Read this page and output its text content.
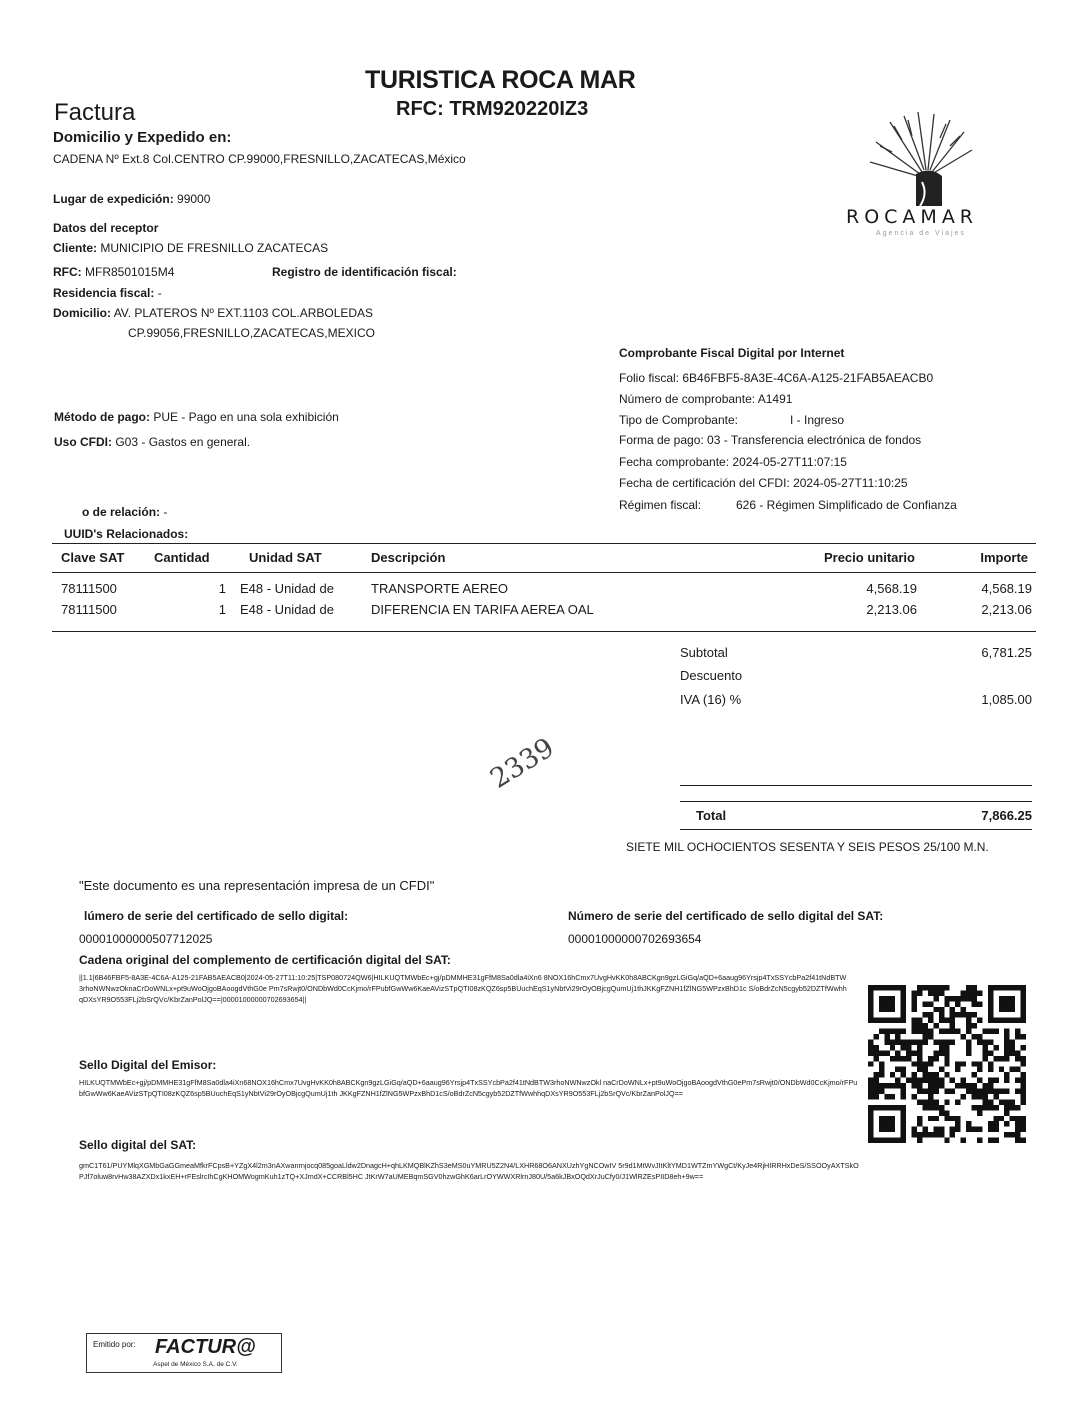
TURISTICA ROCA MAR
RFC: TRM920220IZ3
Factura
Domicilio y Expedido en:
CADENA Nº Ext.8 Col.CENTRO CP.99000,FRESNILLO,ZACATECAS,México
ROCAMAR
Agencia de Viajes
Lugar de expedición: 99000
Datos del receptor
Cliente: MUNICIPIO DE FRESNILLO ZACATECAS
RFC: MFR8501015M4	Registro de identificación fiscal:
Residencia fiscal: -
Domicilio: AV. PLATEROS Nº EXT.1103 COL.ARBOLEDAS
CP.99056,FRESNILLO,ZACATECAS,MEXICO
Comprobante Fiscal Digital por Internet
Folio fiscal: 6B46FBF5-8A3E-4C6A-A125-21FAB5AEACB0
Número de comprobante: A1491
Tipo de Comprobante:	I - Ingreso
Forma de pago: 03 - Transferencia electrónica de fondos
Fecha comprobante: 2024-05-27T11:07:15
Fecha de certificación del CFDI: 2024-05-27T11:10:25
Régimen fiscal:	626 - Régimen Simplificado de Confianza
Método de pago: PUE - Pago en una sola exhibición
Uso CFDI: G03 - Gastos en general.
o de relación: -
UUID's Relacionados:
Clave SAT Cantidad	Unidad SAT	Descripción	Precio unitario	Importe
78111500	1 E48 - Unidad de	TRANSPORTE AEREO	4,568.19	4,568.19
78111500	1 E48 - Unidad de	DIFERENCIA EN TARIFA AEREA OAL	2,213.06	2,213.06
Subtotal	6,781.25
Descuento
IVA (16) %	1,085.00
2339
Total	7,866.25
SIETE MIL OCHOCIENTOS SESENTA Y SEIS PESOS 25/100 M.N.
"Este documento es una representación impresa de un CFDI"
lúmero de serie del certificado de sello digital:
00001000000507712025
Número de serie del certificado de sello digital del SAT:
00001000000702693654
Cadena original del complemento de certificación digital del SAT:
||1.1|6B46FBF5-8A3E-4C6A-A125-21FAB5AEACB0|2024-05-27T11:10:25|TSP080724QW6|HILKUQTMWbEc+gj/pDMMHE31gFfM8Sa0dla4iXn6 8NOX16hCmx7UvgHvKK0h8ABCKgn9gzLGiGq/aQD+6aaug96Yrsjp4TxSSYcbPa2f41tNdBTW3rhoNWNwzOknaCrDoWNLx+pt9uWoOjgoBAoogdVthG0e Pm7sRwjt0/ONDbWd0CcKjmo/rFPubfGwWw6KaeAVizSTpQTI08zKQZ6sp5BUuchEqS1yNbtVi29rOyOBjcgQumUj1thJKKgFZNH1fZlNG5WPzxBhD1c S/oBdrZcN5cgyb52DZTfWwhhqDXsYR9O553FLj2bSrQVc/KbrZanPolJQ==|00001000000702693654||
Sello Digital del Emisor:
HILKUQTMWbEc+gj/pDMMHE31gFfM8Sa0dla4iXn68NOX16hCmx7UvgHvKK0h8ABCKgn9gzLGiGq/aQD+6aaug96Yrsjp4TxSSYcbPa2f41tNdBTW3rhoNWNwzOkl naCrDoWNLx+pt9uWoOjgoBAoogdVthG0ePm7sRwjt0/ONDbWd0CcKjmo/rFPubfGwWw6KaeAVizSTpQTI08zKQZ6sp5BUuchEqS1yNbtVi29rOyOBjcgQumUj1th JKKgFZNH1fZlNG5WPzxBhD1cS/oBdrZcN5cgyb52DZTfWwhhqDXsYR9O553FLj2bSrQVc/KbrZanPolJQ==
Sello digital del SAT:
gmC1T61/PUYMlqXGMbGaGGmeaMfkrFCpsB+YZgX4l2m3nAXwanrnjocq085goaLldw2DnagcH+qhLKMQBlKZhS3eMS0uYMRU5Z2N4/LXHR68O6ANXUzhYgNCOwIV 5r9d1MtWvJItKltYMD1WTZmYWgCt/KyJe4RjHIRRHxDeS/SSOOyAXTSkOPJf7oluw8rvHw38AZXDx1kxEH+rFEslrcIhCgKHOMWogmKuh1zTQ+XJmdX+CCRBl5HC JtKrW7aUMEBqmSGV0hzwGhK6arLrOYWWXRlrnJ80U/5a6kJBxOQdXrJuCfy0/J1WlRZEsPIID8eh+9w==
Emitido por: FACTUR@
Aspel de México S.A. de C.V.
